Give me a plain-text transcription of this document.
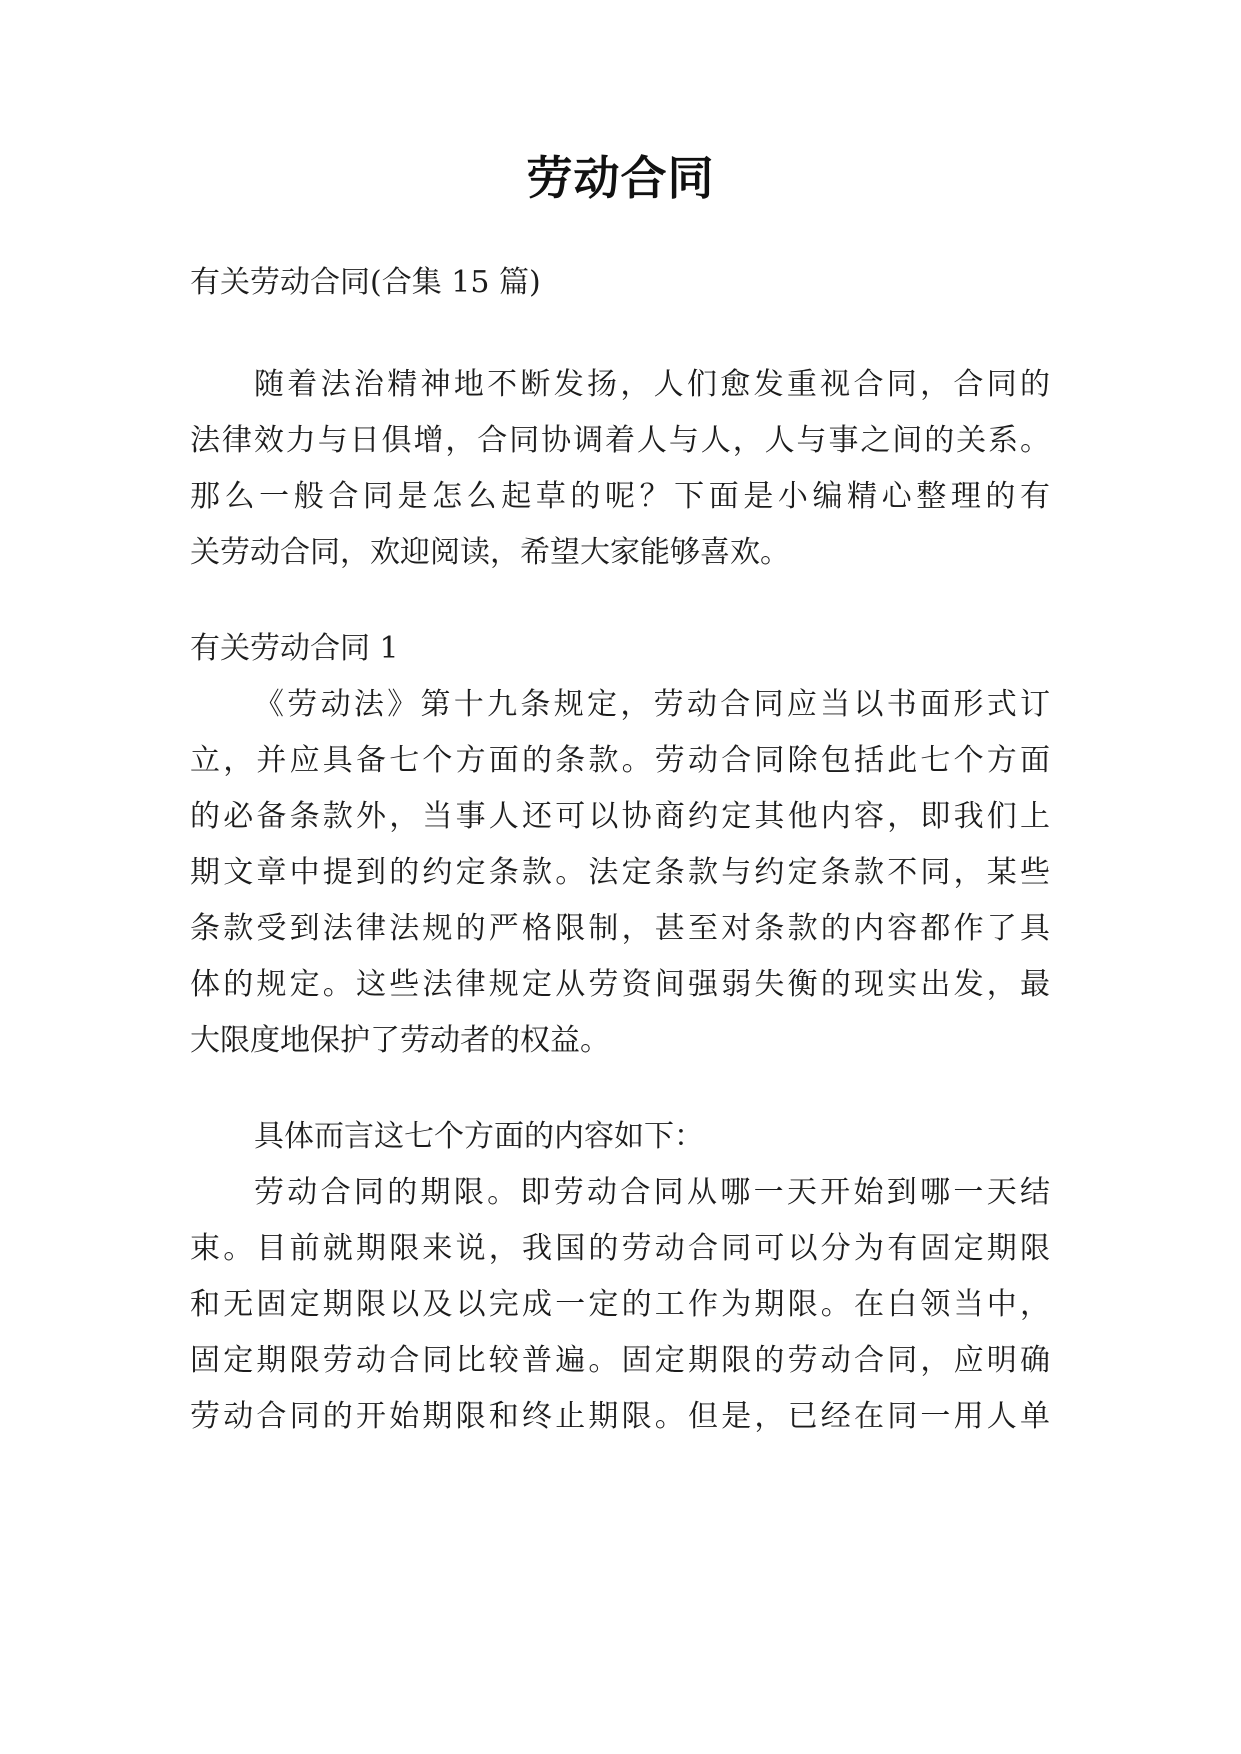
劳动合同
有关劳动合同(合集 15 篇)
随着法治精神地不断发扬，人们愈发重视合同，合同的
法律效力与日俱增，合同协调着人与人，人与事之间的关系。
那么一般合同是怎么起草的呢？下面是小编精心整理的有
关劳动合同，欢迎阅读，希望大家能够喜欢。
有关劳动合同 1
《劳动法》第十九条规定，劳动合同应当以书面形式订
立，并应具备七个方面的条款。劳动合同除包括此七个方面
的必备条款外，当事人还可以协商约定其他内容，即我们上
期文章中提到的约定条款。法定条款与约定条款不同，某些
条款受到法律法规的严格限制，甚至对条款的内容都作了具
体的规定。这些法律规定从劳资间强弱失衡的现实出发，最
大限度地保护了劳动者的权益。
具体而言这七个方面的内容如下：
劳动合同的期限。即劳动合同从哪一天开始到哪一天结
束。目前就期限来说，我国的劳动合同可以分为有固定期限
和无固定期限以及以完成一定的工作为期限。在白领当中，
固定期限劳动合同比较普遍。固定期限的劳动合同，应明确
劳动合同的开始期限和终止期限。但是，已经在同一用人单
